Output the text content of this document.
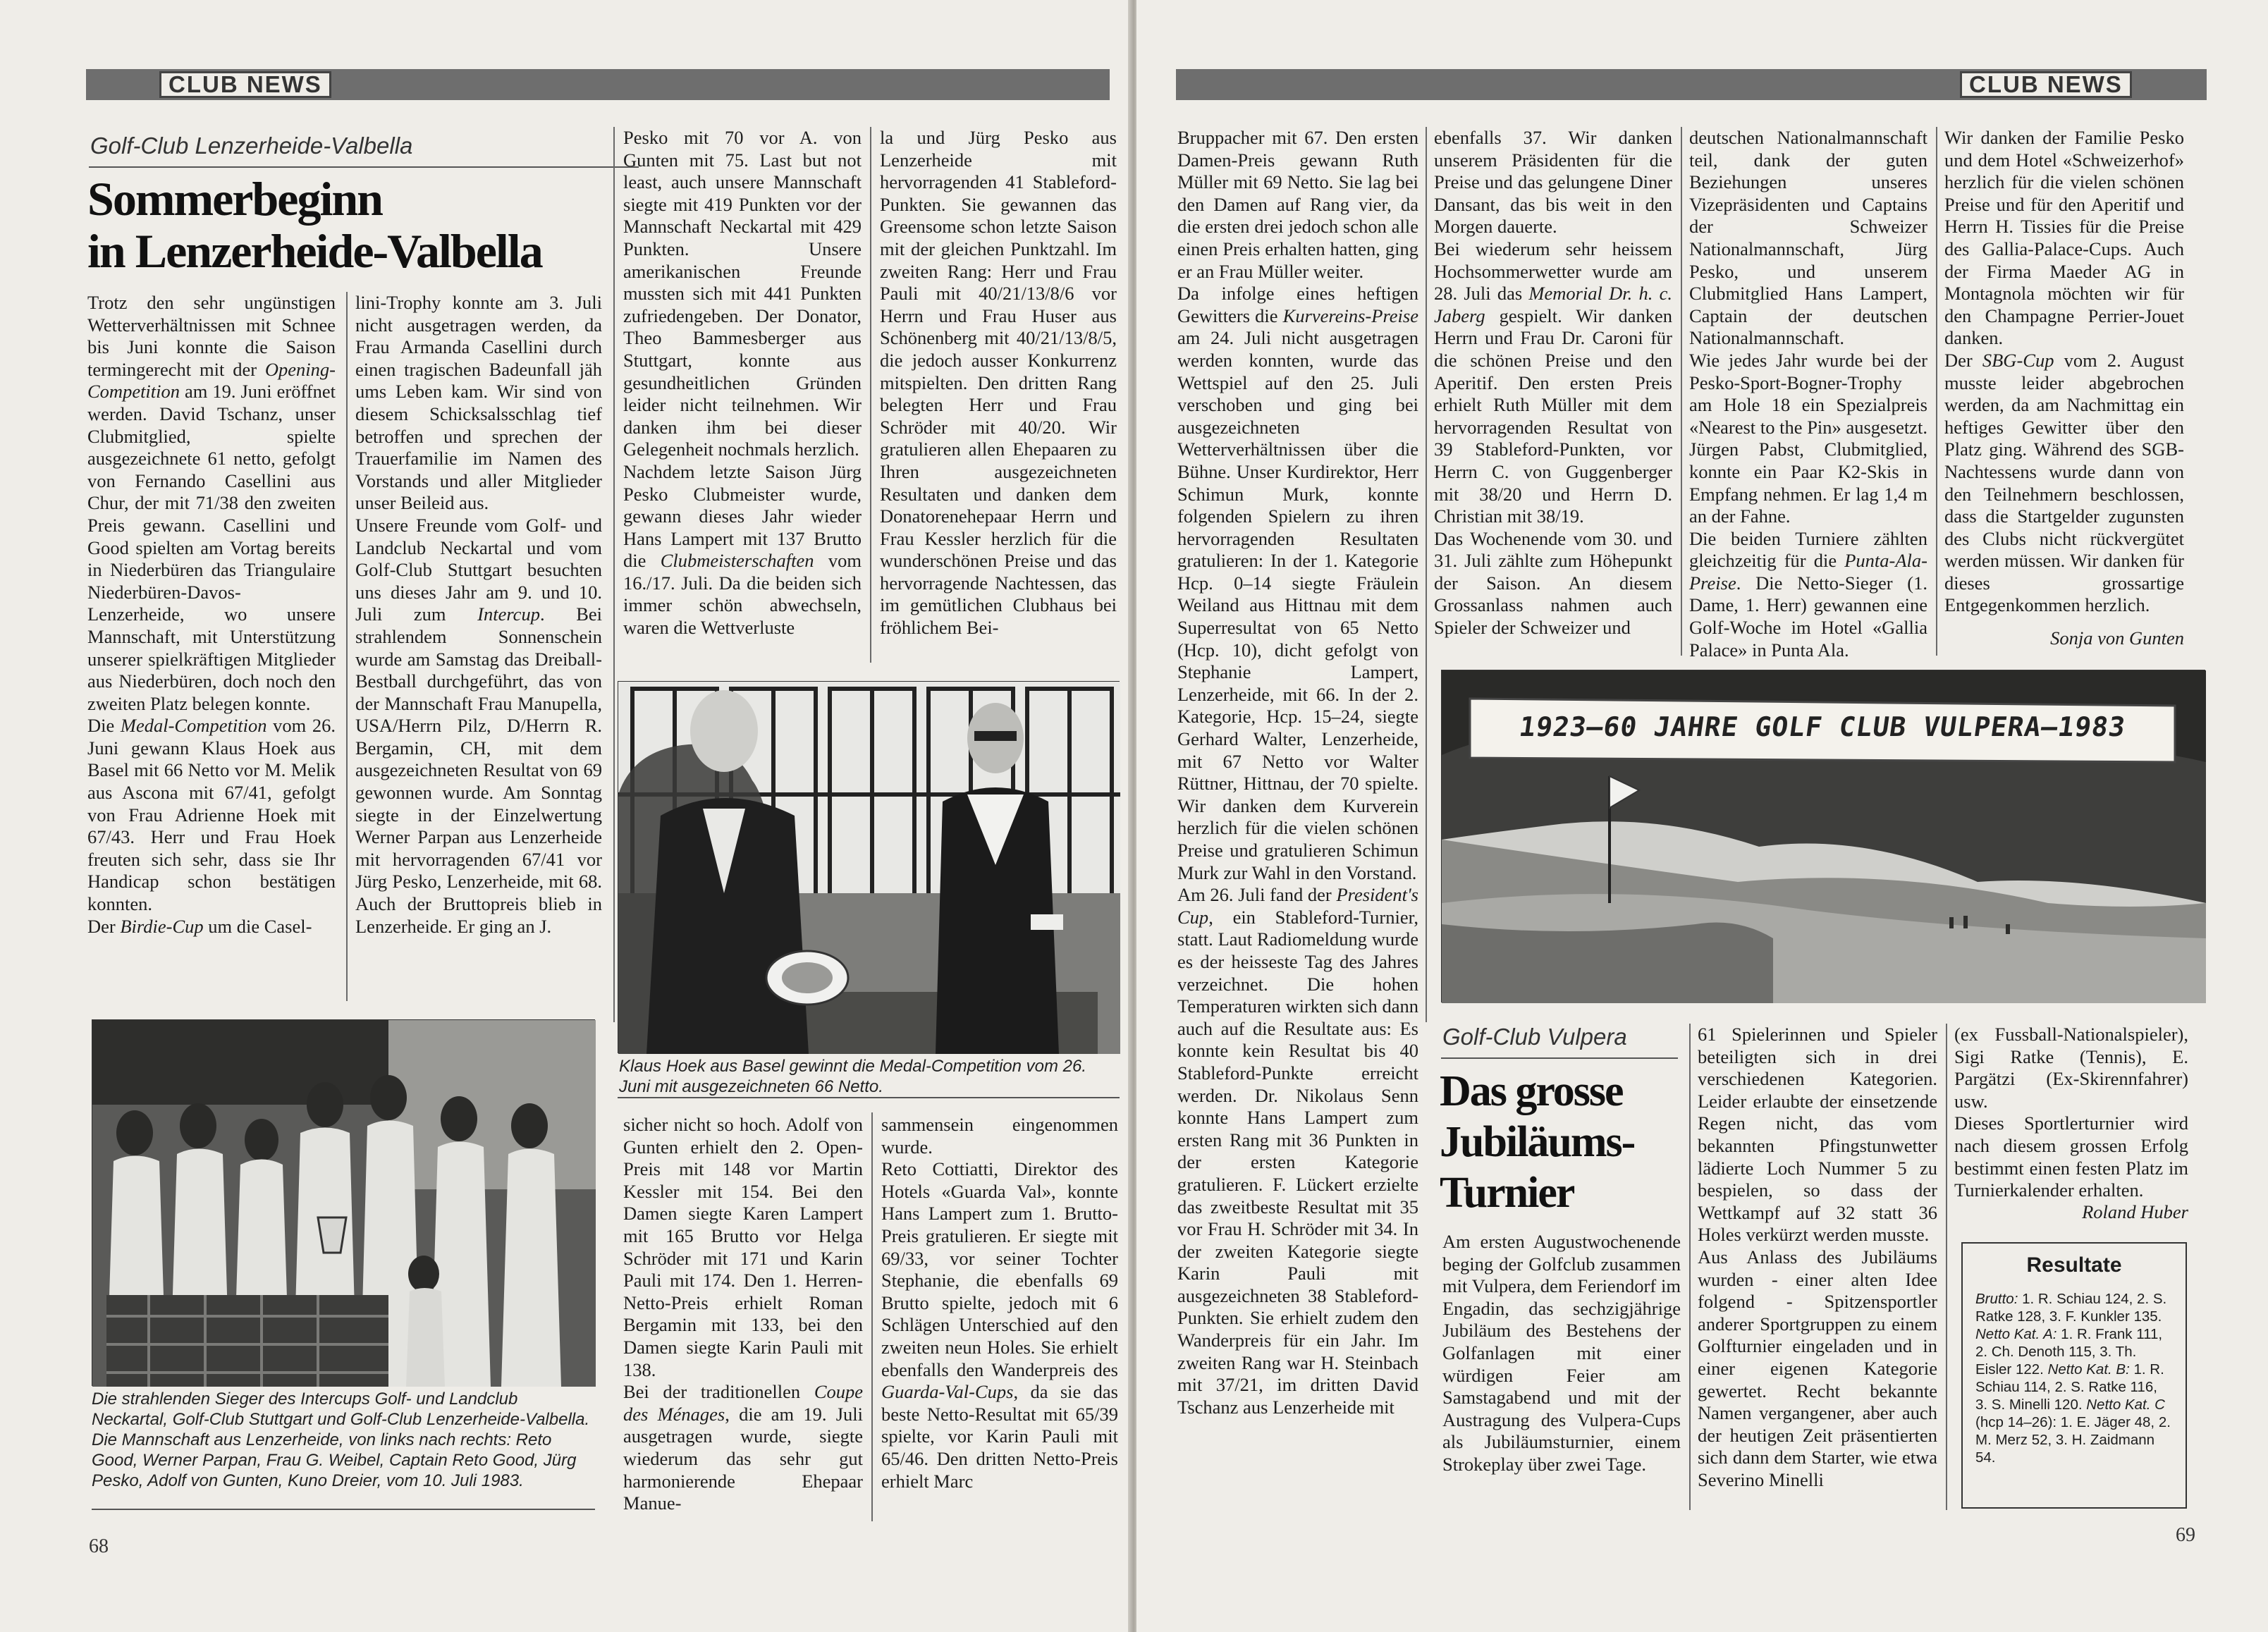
CLUB NEWS
Golf-Club Lenzerheide-Valbella
Sommerbeginn
in Lenzerheide-Valbella

Trotz den sehr ungünstigen Wetterverhältnissen mit Schnee bis Juni konnte die Saison termingerecht mit der Opening-Competition am 19. Juni eröffnet werden. David Tschanz, unser Clubmitglied, spielte ausgezeichnete 61 netto, gefolgt von Fernando Casellini aus Chur, der mit 71/38 den zweiten Preis gewann. Casellini und Good spielten am Vortag bereits in Niederbüren das Triangulaire Niederbüren-Davos-Lenzerheide, wo unsere Mannschaft, mit Unterstützung unserer spielkräftigen Mitglieder aus Niederbüren, doch noch den zweiten Platz belegen konnte.

Die Medal-Competition vom 26. Juni gewann Klaus Hoek aus Basel mit 66 Netto vor M. Melik aus Ascona mit 67/41, gefolgt von Frau Adrienne Hoek mit 67/43. Herr und Frau Hoek freuten sich sehr, dass sie Ihr Handicap schon bestätigen konnten.

Der Birdie-Cup um die Casel-

lini-Trophy konnte am 3. Juli nicht ausgetragen werden, da Frau Armanda Casellini durch einen tragischen Badeunfall jäh ums Leben kam. Wir sind von diesem Schicksalsschlag tief betroffen und sprechen der Trauerfamilie im Namen des Vorstands und aller Mitglieder unser Beileid aus.

Unsere Freunde vom Golf- und Landclub Neckartal und vom Golf-Club Stuttgart besuchten uns dieses Jahr am 9. und 10. Juli zum Intercup. Bei strahlendem Sonnenschein wurde am Samstag das Dreiball-Bestball durchgeführt, das von der Mannschaft Frau Manupella, USA/Herrn Pilz, D/Herrn R. Bergamin, CH, mit dem ausgezeichneten Resultat von 69 gewonnen wurde. Am Sonntag siegte in der Einzelwertung Werner Parpan aus Lenzerheide mit hervorragenden 67/41 vor Jürg Pesko, Lenzerheide, mit 68. Auch der Bruttopreis blieb in Lenzerheide. Er ging an J.

Pesko mit 70 vor A. von Gunten mit 75. Last but not least, auch unsere Mannschaft siegte mit 419 Punkten vor der Mannschaft Neckartal mit 429 Punkten. Unsere amerikanischen Freunde mussten sich mit 441 Punkten zufriedengeben. Der Donator, Theo Bammesberger aus Stuttgart, konnte aus gesundheitlichen Gründen leider nicht teilnehmen. Wir danken ihm bei dieser Gelegenheit nochmals herzlich.

Nachdem letzte Saison Jürg Pesko Clubmeister wurde, gewann dieses Jahr wieder Hans Lampert mit 137 Brutto die Clubmeisterschaften vom 16./17. Juli. Da die beiden sich immer schön abwechseln, waren die Wettverluste

la und Jürg Pesko aus Lenzerheide mit hervorragenden 41 Stableford-Punkten. Sie gewannen das Greensome schon letzte Saison mit der gleichen Punktzahl. Im zweiten Rang: Herr und Frau Pauli mit 40/21/13/8/6 vor Herrn und Frau Huser aus Schönenberg mit 40/21/13/8/5, die jedoch ausser Konkurrenz mitspielten. Den dritten Rang belegten Herr und Frau Schröder mit 40/20. Wir gratulieren allen Ehepaaren zu Ihren ausgezeichneten Resultaten und danken dem Donatorenehepaar Herrn und Frau Kessler herzlich für die wunderschönen Preise und das hervorragende Nachtessen, das im gemütlichen Clubhaus bei fröhlichem Bei-

Klaus Hoek aus Basel gewinnt die Medal-Competition vom 26. Juni mit ausgezeichneten 66 Netto.

sicher nicht so hoch. Adolf von Gunten erhielt den 2. Open-Preis mit 148 vor Martin Kessler mit 154. Bei den Damen siegte Karen Lampert mit 165 Brutto vor Helga Schröder mit 171 und Karin Pauli mit 174. Den 1. Herren-Netto-Preis erhielt Roman Bergamin mit 133, bei den Damen siegte Karin Pauli mit 138.

Bei der traditionellen Coupe des Ménages, die am 19. Juli ausgetragen wurde, siegte wiederum das sehr gut harmonierende Ehepaar Manue-

sammensein eingenommen wurde.

Reto Cottiatti, Direktor des Hotels «Guarda Val», konnte Hans Lampert zum 1. Brutto-Preis gratulieren. Er siegte mit 69/33, vor seiner Tochter Stephanie, die ebenfalls 69 Brutto spielte, jedoch mit 6 Schlägen Unterschied auf den zweiten neun Holes. Sie erhielt ebenfalls den Wanderpreis des Guarda-Val-Cups, da sie das beste Netto-Resultat mit 65/39 spielte, vor Karin Pauli mit 65/46. Den dritten Netto-Preis erhielt Marc

Die strahlenden Sieger des Intercups Golf- und Landclub Neckartal, Golf-Club Stuttgart und Golf-Club Lenzerheide-Valbella. Die Mannschaft aus Lenzerheide, von links nach rechts: Reto Good, Werner Parpan, Frau G. Weibel, Captain Reto Good, Jürg Pesko, Adolf von Gunten, Kuno Dreier, vom 10. Juli 1983.
68
CLUB NEWS

Bruppacher mit 67. Den ersten Damen-Preis gewann Ruth Müller mit 69 Netto. Sie lag bei den Damen auf Rang vier, da die ersten drei jedoch schon alle einen Preis erhalten hatten, ging er an Frau Müller weiter.

Da infolge eines heftigen Gewitters die Kurvereins-Preise am 24. Juli nicht ausgetragen werden konnten, wurde das Wettspiel auf den 25. Juli verschoben und ging bei ausgezeichneten Wetterverhältnissen über die Bühne. Unser Kurdirektor, Herr Schimun Murk, konnte folgenden Spielern zu ihren hervorragenden Resultaten gratulieren: In der 1. Kategorie Hcp. 0–14 siegte Fräulein Weiland aus Hittnau mit dem Superresultat von 65 Netto (Hcp. 10), dicht gefolgt von Stephanie Lampert, Lenzerheide, mit 66. In der 2. Kategorie, Hcp. 15–24, siegte Gerhard Walter, Lenzerheide, mit 67 Netto vor Walter Rüttner, Hittnau, der 70 spielte. Wir danken dem Kurverein herzlich für die vielen schönen Preise und gratulieren Schimun Murk zur Wahl in den Vorstand.

Am 26. Juli fand der President's Cup, ein Stableford-Turnier, statt. Laut Radiomeldung wurde es der heisseste Tag des Jahres verzeichnet. Die hohen Temperaturen wirkten sich dann auch auf die Resultate aus: Es konnte kein Resultat bis 40 Stableford-Punkte erreicht werden. Dr. Nikolaus Senn konnte Hans Lampert zum ersten Rang mit 36 Punkten in der ersten Kategorie gratulieren. F. Lückert erzielte das zweitbeste Resultat mit 35 vor Frau H. Schröder mit 34. In der zweiten Kategorie siegte Karin Pauli mit ausgezeichneten 38 Stableford-Punkten. Sie erhielt zudem den Wanderpreis für ein Jahr. Im zweiten Rang war H. Steinbach mit 37/21, im dritten David Tschanz aus Lenzerheide mit

ebenfalls 37. Wir danken unserem Präsidenten für die Preise und das gelungene Diner Dansant, das bis weit in den Morgen dauerte.

Bei wiederum sehr heissem Hochsommerwetter wurde am 28. Juli das Memorial Dr. h. c. Jaberg gespielt. Wir danken Herrn und Frau Dr. Caroni für die schönen Preise und den Aperitif. Den ersten Preis erhielt Ruth Müller mit dem hervorragenden Resultat von 39 Stableford-Punkten, vor Herrn C. von Guggenberger mit 38/20 und Herrn D. Christian mit 38/19.

Das Wochenende vom 30. und 31. Juli zählte zum Höhepunkt der Saison. An diesem Grossanlass nahmen auch Spieler der Schweizer und

deutschen Nationalmannschaft teil, dank der guten Beziehungen unseres Vizepräsidenten und Captains der Schweizer Nationalmannschaft, Jürg Pesko, und unserem Clubmitglied Hans Lampert, Captain der deutschen Nationalmannschaft.

Wie jedes Jahr wurde bei der Pesko-Sport-Bogner-Trophy am Hole 18 ein Spezialpreis «Nearest to the Pin» ausgesetzt. Jürgen Pabst, Clubmitglied, konnte ein Paar K2-Skis in Empfang nehmen. Er lag 1,4 m an der Fahne.

Die beiden Turniere zählten gleichzeitig für die Punta-Ala-Preise. Die Netto-Sieger (1. Dame, 1. Herr) gewannen eine Golf-Woche im Hotel «Gallia Palace» in Punta Ala.

Wir danken der Familie Pesko und dem Hotel «Schweizerhof» herzlich für die vielen schönen Preise und für den Aperitif und Herrn H. Tissies für die Preise des Gallia-Palace-Cups. Auch der Firma Maeder AG in Montagnola möchten wir für den Champagne Perrier-Jouet danken.

Der SBG-Cup vom 2. August musste leider abgebrochen werden, da am Nachmittag ein heftiges Gewitter über den Platz ging. Während des SGB-Nachtessens wurde dann von den Teilnehmern beschlossen, dass die Startgelder zugunsten des Clubs nicht rückvergütet werden müssen. Wir danken für dieses grossartige Entgegenkommen herzlich.

Sonja von Gunten
1923–60 JAHRE GOLF CLUB VULPERA–1983
Golf-Club Vulpera
Das grosse
Jubiläums-
Turnier

Am ersten Augustwochenende beging der Golfclub zusammen mit Vulpera, dem Feriendorf im Engadin, das sechzigjährige Jubiläum des Bestehens der Golfanlagen mit einer würdigen Feier am Samstagabend und mit der Austragung des Vulpera-Cups als Jubiläumsturnier, einem Strokeplay über zwei Tage.

61 Spielerinnen und Spieler beteiligten sich in drei verschiedenen Kategorien. Leider erlaubte der einsetzende Regen nicht, das vom bekannten Pfingstunwetter lädierte Loch Nummer 5 zu bespielen, so dass der Wettkampf auf 32 statt 36 Holes verkürzt werden musste.

Aus Anlass des Jubiläums wurden - einer alten Idee folgend - Spitzensportler anderer Sportgruppen zu einem Golfturnier eingeladen und in einer eigenen Kategorie gewertet. Recht bekannte Namen vergangener, aber auch der heutigen Zeit präsentierten sich dann dem Starter, wie etwa Severino Minelli

(ex Fussball-Nationalspieler), Sigi Ratke (Tennis), E. Pargätzi (Ex-Skirennfahrer) usw.

Dieses Sportlerturnier wird nach diesem grossen Erfolg bestimmt einen festen Platz im Turnierkalender erhalten.

Roland Huber
Resultate
Brutto: 1. R. Schiau 124, 2. S. Ratke 128, 3. F. Kunkler 135. Netto Kat. A: 1. R. Frank 111, 2. Ch. Denoth 115, 3. Th. Eisler 122. Netto Kat. B: 1. R. Schiau 114, 2. S. Ratke 116, 3. S. Minelli 120. Netto Kat. C (hcp 14–26): 1. E. Jäger 48, 2. M. Merz 52, 3. H. Zaidmann 54.
69
